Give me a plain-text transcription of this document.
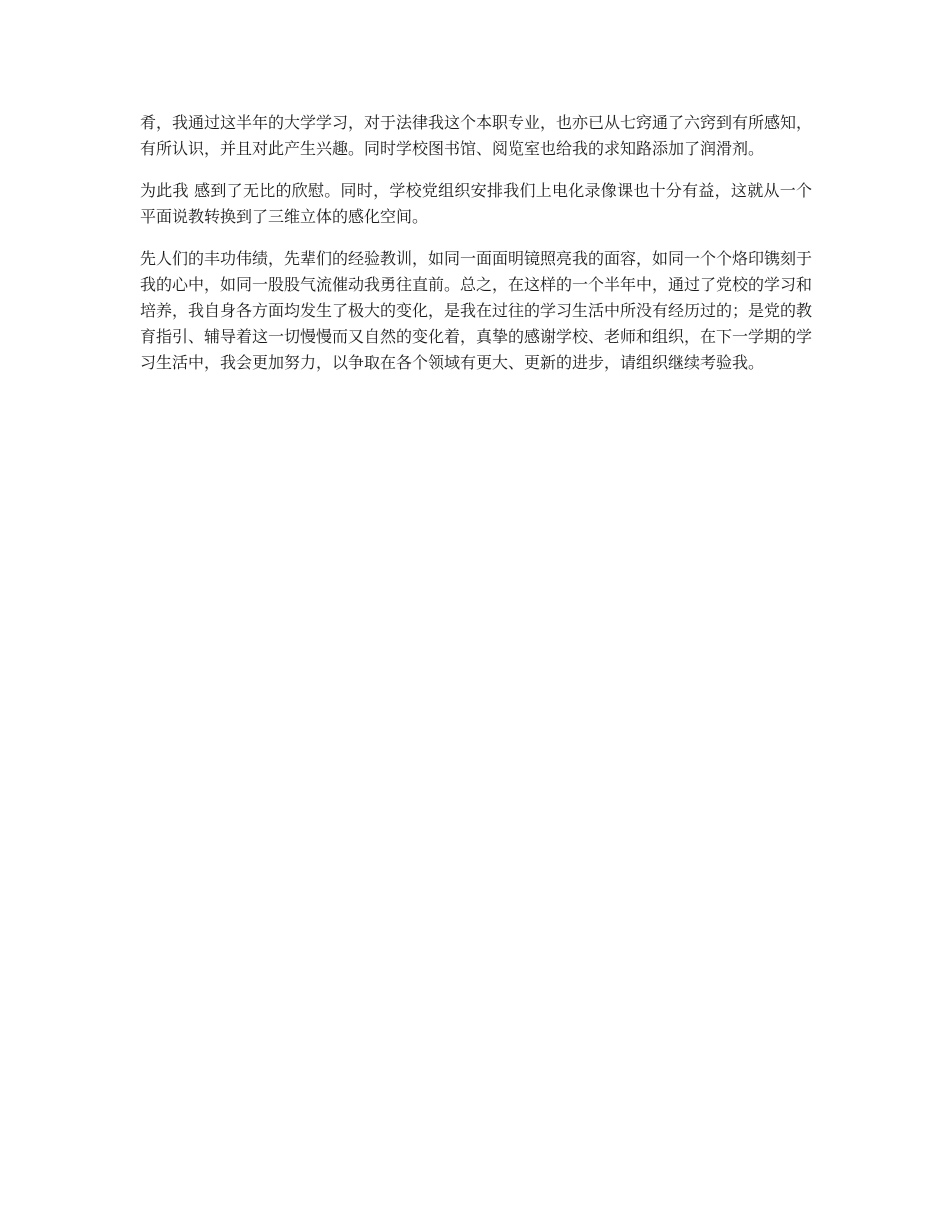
肴，我通过这半年的大学学习，对于法律我这个本职专业，也亦已从七窍通了六窍到有所感知，有所认识，并且对此产生兴趣。同时学校图书馆、阅览室也给我的求知路添加了润滑剂。

为此我 感到了无比的欣慰。同时，学校党组织安排我们上电化录像课也十分有益，这就从一个平面说教转换到了三维立体的感化空间。

先人们的丰功伟绩，先辈们的经验教训，如同一面面明镜照亮我的面容，如同一个个烙印镌刻于我的心中，如同一股股气流催动我勇往直前。总之，在这样的一个半年中，通过了党校的学习和培养，我自身各方面均发生了极大的变化，是我在过往的学习生活中所没有经历过的；是党的教育指引、辅导着这一切慢慢而又自然的变化着，真挚的感谢学校、老师和组织，在下一学期的学习生活中，我会更加努力，以争取在各个领域有更大、更新的进步，请组织继续考验我。
